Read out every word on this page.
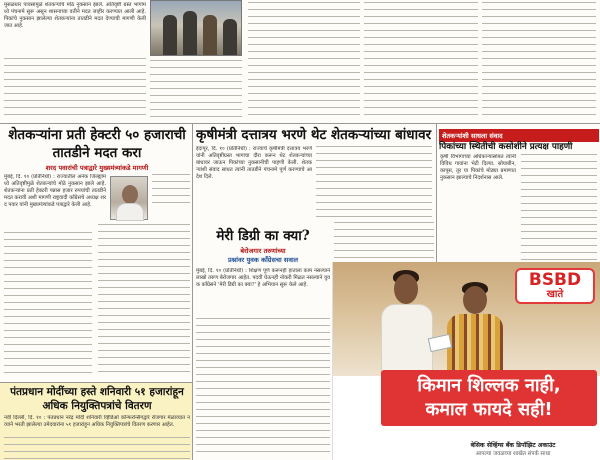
मुसळधार पावसामुळे शेतकऱ्यांचे मोठे नुकसान झाले. अतिवृष्टी ग्रस्त भागांमध्ये पंचनामे सुरू असून शासनाच्या वतीने मदत जाहीर करण्यात आली आहे. पिकांचे नुकसान झालेल्या शेतकऱ्यांना तातडीने मदत देण्याची मागणी केली जात आहे.
शेतकऱ्यांना प्रती हेक्टरी ५० हजाराची तातडीने मदत करा
शरद पवारांची पत्राद्वारे मुख्यमंत्र्यांकडे मागणी
मुंबई, दि. १० (प्रतिनिधी) : राज्यातील अनेक जिल्ह्यांमध्ये अतिवृष्टीमुळे शेतकऱ्यांचे मोठे नुकसान झाले आहे. शेतकऱ्यांना प्रती हेक्टरी पन्नास हजार रुपयांची तातडीने मदत करावी अशी मागणी राष्ट्रवादी काँग्रेसचे अध्यक्ष शरद पवार यांनी मुख्यमंत्र्यांकडे पत्राद्वारे केली आहे.
पंतप्रधान मोदींच्या हस्ते शनिवारी ५१ हजारांहून अधिक नियुक्तिपत्रांचे वितरण
नवी दिल्ली, दि. १० : पंतप्रधान नरेंद्र मोदी शनिवारी व्हिडिओ कॉन्फरन्सिंगद्वारे रोजगार मेळाव्यात नव्याने भरती झालेल्या उमेदवारांना ५१ हजारांहून अधिक नियुक्तिपत्रांचे वितरण करणार आहेत.
कृषीमंत्री दत्तात्रय भरणे थेट शेतकऱ्यांच्या बांधावर
इंदापूर, दि. १० (प्रतिनिधी) : राज्याचे कृषीमंत्री दत्तात्रय भरणे यांनी अतिवृष्टीग्रस्त भागाचा दौरा करून थेट शेतकऱ्यांच्या बांधावर जाऊन पिकांच्या नुकसानीची पाहणी केली. शेतकऱ्यांशी संवाद साधत त्यांनी तातडीने पंचनामे पूर्ण करण्याचे आदेश दिले.
शेतकऱ्यांशी साधला संवाद
पिकांच्या स्थितीची कसोशीने प्रत्यक्ष पाहणी
कृषी विभागाच्या अधिकाऱ्यांसोबत त्यांनी विविध गावांना भेटी दिल्या. सोयाबीन, कापूस, तूर या पिकांचे मोठ्या प्रमाणात नुकसान झाल्याचे निदर्शनास आले.
मेरी डिग्री का क्या?
बेरोजगार तरुणांच्या
प्रश्नांवर युवक काँग्रेसचा सवाल
मुंबई, दि. १० (प्रतिनिधी) : शिक्षण पूर्ण करूनही हाताला काम नसल्याने लाखो तरुण बेरोजगार आहेत. पदवी घेऊनही नोकरी मिळत नसल्याने युवक काँग्रेसने 'मेरी डिग्री का क्या?' हे अभियान सुरू केले आहे.	BSBD
खाते
किमान शिल्लक नाही,
कमाल फायदे सही!
बेसिक सेव्हिंग्स बँक डिपॉझिट अकाउंट
आपल्या जवळच्या शाखेत संपर्क साधा
